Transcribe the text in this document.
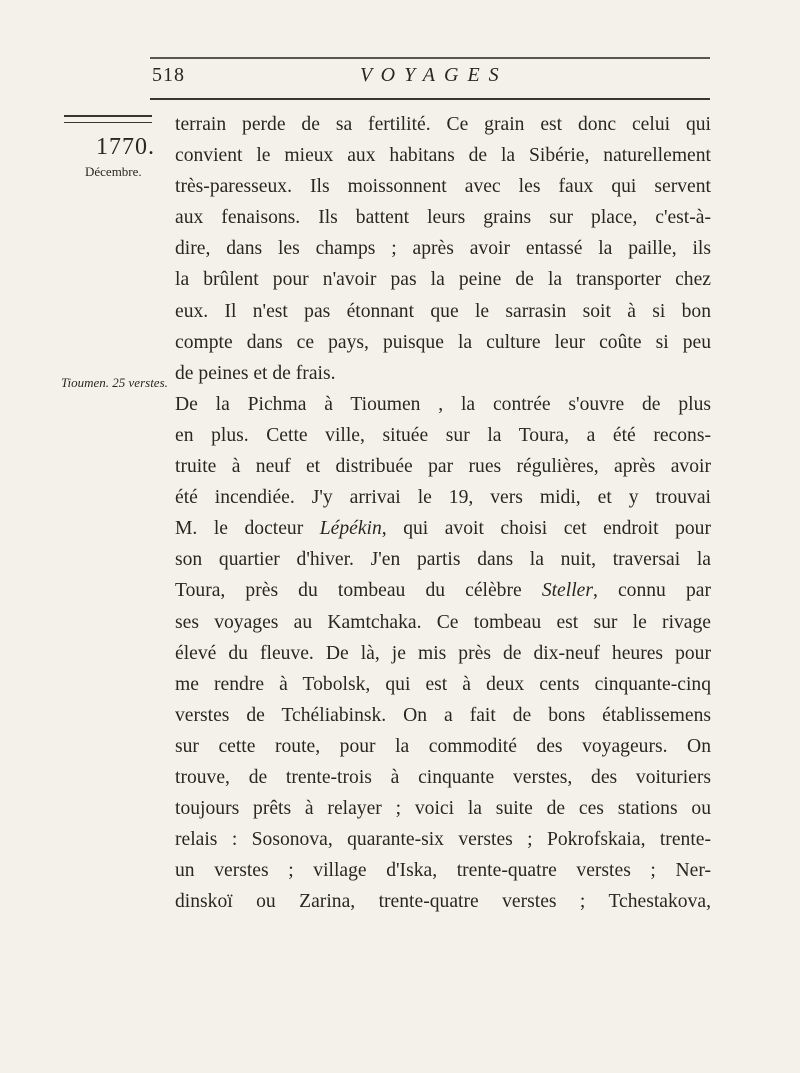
518	VOYAGES
1770.
Décembre.
Tioumen. 25 verstes.
terrain perde de sa fertilité. Ce grain est donc celui qui
convient le mieux aux habitans de la Sibérie, naturellement
très-paresseux. Ils moissonnent avec les faux qui servent
aux fenaisons. Ils battent leurs grains sur place, c'est-à-
dire, dans les champs ; après avoir entassé la paille, ils
la brûlent pour n'avoir pas la peine de la transporter chez
eux. Il n'est pas étonnant que le sarrasin soit à si bon
compte dans ce pays, puisque la culture leur coûte si peu
de peines et de frais.
De la Pichma à Tioumen , la contrée s'ouvre de plus
en plus. Cette ville, située sur la Toura, a été recons-
truite à neuf et distribuée par rues régulières, après avoir
été incendiée. J'y arrivai le 19, vers midi, et y trouvai
M. le docteur Lépékin, qui avoit choisi cet endroit pour
son quartier d'hiver. J'en partis dans la nuit, traversai la
Toura, près du tombeau du célèbre Steller, connu par
ses voyages au Kamtchaka. Ce tombeau est sur le rivage
élevé du fleuve. De là, je mis près de dix-neuf heures pour
me rendre à Tobolsk, qui est à deux cents cinquante-cinq
verstes de Tchéliabinsk. On a fait de bons établissemens
sur cette route, pour la commodité des voyageurs. On
trouve, de trente-trois à cinquante verstes, des voituriers
toujours prêts à relayer ; voici la suite de ces stations ou
relais : Sosonova, quarante-six verstes ; Pokrofskaia, trente-
un verstes ; village d'Iska, trente-quatre verstes ; Ner-
dinskoï ou Zarina, trente-quatre verstes ; Tchestakova,
